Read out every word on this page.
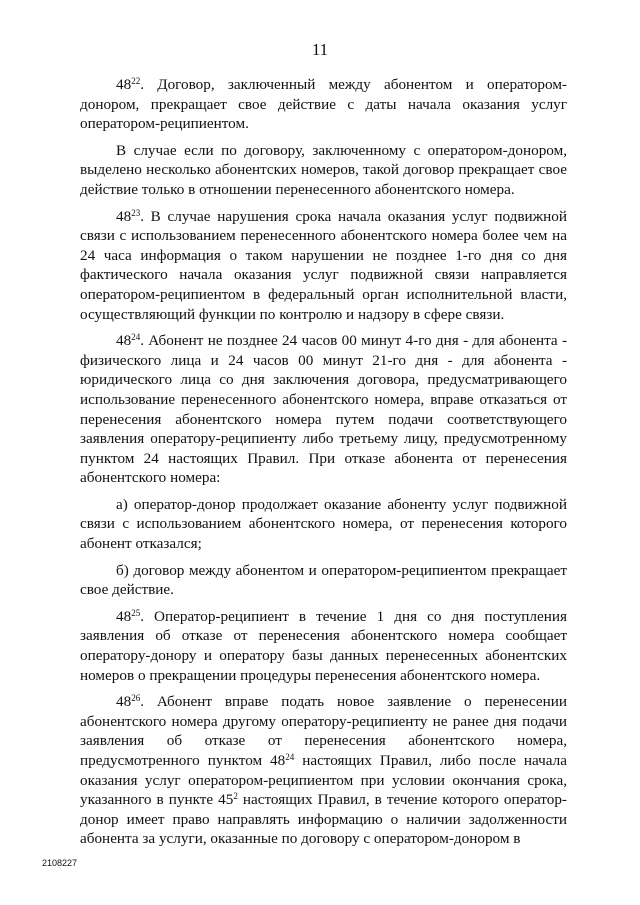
11

$48^{22}$. Договор, заключенный между абонентом и оператором-донором, прекращает свое действие с даты начала оказания услуг оператором-реципиентом.

В случае если по договору, заключенному с оператором-донором, выделено несколько абонентских номеров, такой договор прекращает свое действие только в отношении перенесенного абонентского номера.

$48^{23}$. В случае нарушения срока начала оказания услуг подвижной связи с использованием перенесенного абонентского номера более чем на 24 часа информация о таком нарушении не позднее 1-го дня со дня фактического начала оказания услуг подвижной связи направляется оператором-реципиентом в федеральный орган исполнительной власти, осуществляющий функции по контролю и надзору в сфере связи.

$48^{24}$. Абонент не позднее 24 часов 00 минут 4-го дня - для абонента - физического лица и 24 часов 00 минут 21-го дня - для абонента - юридического лица со дня заключения договора, предусматривающего использование перенесенного абонентского номера, вправе отказаться от перенесения абонентского номера путем подачи соответствующего заявления оператору-реципиенту либо третьему лицу, предусмотренному пунктом 24 настоящих Правил. При отказе абонента от перенесения абонентского номера:

а) оператор-донор продолжает оказание абоненту услуг подвижной связи с использованием абонентского номера, от перенесения которого абонент отказался;

б) договор между абонентом и оператором-реципиентом прекращает свое действие.

$48^{25}$. Оператор-реципиент в течение 1 дня со дня поступления заявления об отказе от перенесения абонентского номера сообщает оператору-донору и оператору базы данных перенесенных абонентских номеров о прекращении процедуры перенесения абонентского номера.

$48^{26}$. Абонент вправе подать новое заявление о перенесении абонентского номера другому оператору-реципиенту не ранее дня подачи заявления об отказе от перенесения абонентского номера, предусмотренного пунктом $48^{24}$ настоящих Правил, либо после начала оказания услуг оператором-реципиентом при условии окончания срока, указанного в пункте $45^2$ настоящих Правил, в течение которого оператор-донор имеет право направлять информацию о наличии задолженности абонента за услуги, оказанные по договору с оператором-донором в

2108227
